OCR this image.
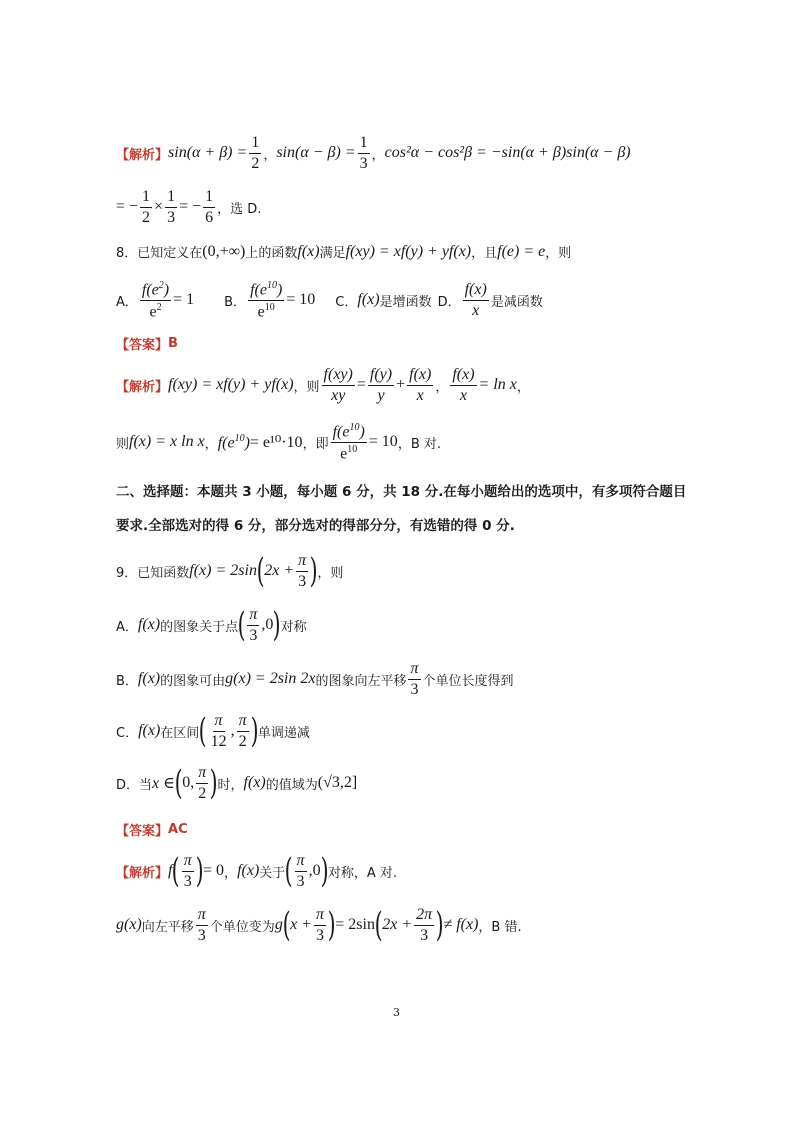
【解析】 $\sin(\alpha + \beta) = \frac{1}{2}$ ， $\sin(\alpha - \beta) = \frac{1}{3}$ ， cos²α − cos²β = −sin(α + β)sin(α − β)
= − $\frac{1}{2} \times \frac{1}{3}$ = − $\frac{1}{6}$ ，选 D.
8．已知定义在 (0,+∞) 上的函数 f(x) 满足 f(xy) = xf(y) + yf(x) ，且 f(e) = e ，则
A． $\frac{f(e^2)}{e^2} = 1$ B． $\frac{f(e^{10})}{e^{10}} = 10$ C． f(x) 是增函数 D． $\frac{f(x)}{x}$ 是减函数
【答案】 B
【解析】 f(xy) = xf(y) + yf(x) ，则 $\frac{f(xy)}{xy} = \frac{f(y)}{y} + \frac{f(x)}{x}$ ， $\frac{f(x)}{x} = \ln x$ ，
则 f(x) = x ln x ， $f(e^{10}) = e^{10}\cdot 10$ ，即 $\frac{f(e^{10})}{e^{10}} = 10$ ，B 对.
二、选择题：本题共 3 小题，每小题 6 分，共 18 分.在每小题给出的选项中，有多项符合题目
要求.全部选对的得 6 分，部分选对的得部分分，有选错的得 0 分.
9．已知函数 f(x) = 2sin ( $2x + \frac{\pi}{3}$ ) ，则
A． f(x) 的图象关于点 ( $\frac{\pi}{3} ,0$ ) 对称
B． f(x) 的图象可由 g(x) = 2sin 2x 的图象向左平移 $\frac{\pi}{3}$ 个单位长度得到
C． f(x) 在区间 ( $\frac{\pi}{12}$ , $\frac{\pi}{2}$ ) 单调递减
D．当 x ∈ ( 0, $\frac{\pi}{2}$ ) 时， f(x) 的值域为 (√3,2]
【答案】 AC
【解析】 f ( $\frac{\pi}{3}$ ) = 0 ， f(x) 关于 ( $\frac{\pi}{3} ,0$ ) 对称，A 对.
g(x) 向左平移 $\frac{\pi}{3}$ 个单位变为 g ( $x + \frac{\pi}{3}$ ) = 2sin ( $2x + \frac{2\pi}{3}$ ) ≠ f(x) ，B 错.
3
